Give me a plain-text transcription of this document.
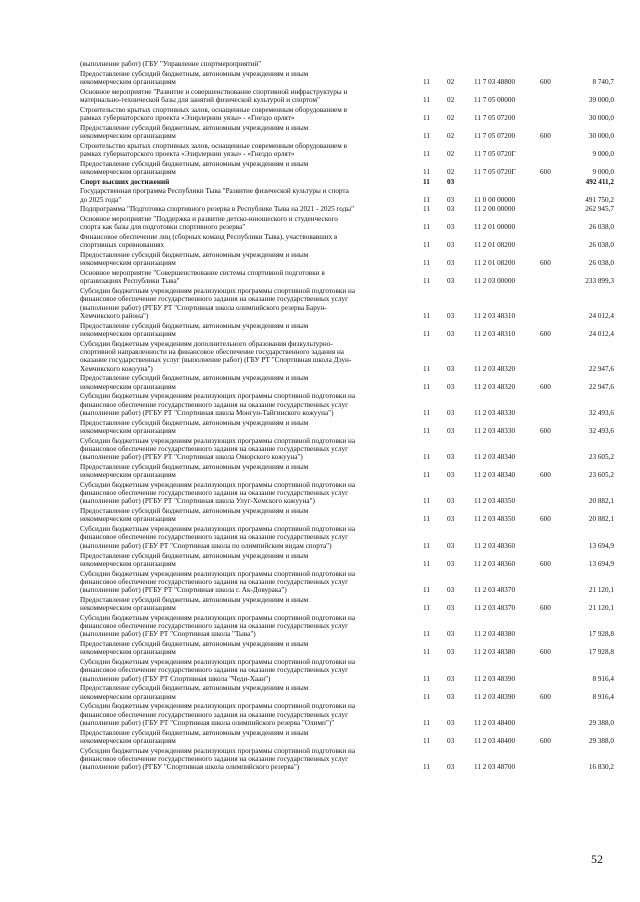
(выполнение работ) (ГБУ "Управление спортмероприятий"
Предоставление субсидий бюджетным, автономным учреждениям и иным
некоммерческим организациям	11 02	11 7 03 48800	600	8 740,7
Основное мероприятие "Развитие и совершенствование спортивной инфраструктуры и
материально-технической базы для занятий физической культурой и спортом"	11 02	11 7 05 00000	39 000,0
Строительство крытых спортивных залов, оснащенные современным оборудованием в
рамках губернаторского проекта «Эзирлернин уязы» - «Гнездо орлят»	11 02	11 7 05 07200	30 000,0
Предоставление субсидий бюджетным, автономным учреждениям и иным
некоммерческим организациям	11 02	11 7 05 07200	600	30 000,0
Строительство крытых спортивных залов, оснащенные современным оборудованием в
рамках губернаторского проекта «Эзирлернин уязы» - «Гнездо орлят»	11 02	11 7 05 0720Г	9 000,0
Предоставление субсидий бюджетным, автономным учреждениям и иным
некоммерческим организациям	11 02	11 7 05 0720Г	600	9 000,0
Спорт высших достижений	11 03	492 411,2
Государственная программа Республики Тыва "Развитие физической культуры и спорта
до 2025 года"	11 03	11 0 00 00000	491 750,2
Подпрограмма "Подготовка спортивного резерва в Республике Тыва на 2021 - 2025 годы"	11 03	11 2 00 00000	262 945,7
Основное мероприятие "Поддержка и развитие детско-юношеского и студенческого
спорта как базы для подготовки спортивного резерва"	11 03	11 2 01 00000	26 038,0
Финансовое обеспечение лиц (сборных команд Республики Тыва), участвовавших в
спортивных соревнованиях	11 03	11 2 01 08200	26 038,0
Предоставление субсидий бюджетным, автономным учреждениям и иным
некоммерческим организациям	11 03	11 2 01 08200	600	26 038,0
Основное мероприятие "Совершенствование системы спортивной подготовки в
организациях Республики Тыва"	11 03	11 2 03 00000	233 899,3
Субсидии бюджетным учреждениям реализующих программы спортивной подготовки на
финансовое обеспечение государственного задания на оказание государственных услуг
(выполнение работ) (РГБУ РТ "Спортивная школа олимпийского резерва Барун-
Хемчикского района")	11 03	11 2 03 48310	24 012,4
Предоставление субсидий бюджетным, автономным учреждениям и иным
некоммерческим организациям	11 03	11 2 03 48310	600	24 012,4
Субсидии бюджетным учреждениям дополнительного образования физкультурно-
спортивной направленности на финансовое обеспечение государственного задания на
оказание государственных услуг (выполнение работ) (ГБУ РТ "Спортивная школа Дзун-
Хемчикского кожууна")	11 03	11 2 03 48320	22 947,6
Предоставление субсидий бюджетным, автономным учреждениям и иным
некоммерческим организациям	11 03	11 2 03 48320	600	22 947,6
Субсидии бюджетным учреждениям реализующих программы спортивной подготовки на
финансовое обеспечение государственного задания на оказание государственных услуг
(выполнение работ) (РГБУ РТ "Спортивная школа Монгун-Тайгинского кожууна")	11 03	11 2 03 48330	32 493,6
Предоставление субсидий бюджетным, автономным учреждениям и иным
некоммерческим организациям	11 03	11 2 03 48330	600	32 493,6
Субсидии бюджетным учреждениям реализующих программы спортивной подготовки на
финансовое обеспечение государственного задания на оказание государственных услуг
(выполнение работ) (РГБУ РТ "Спортивная школа Овюрского кожууна")	11 03	11 2 03 48340	23 605,2
Предоставление субсидий бюджетным, автономным учреждениям и иным
некоммерческим организациям	11 03	11 2 03 48340	600	23 605,2
Субсидии бюджетным учреждениям реализующих программы спортивной подготовки на
финансовое обеспечение государственного задания на оказание государственных услуг
(выполнение работ) (РГБУ РТ "Спортивная школа Улуг-Хемского кожууна")	11 03	11 2 03 48350	20 882,1
Предоставление субсидий бюджетным, автономным учреждениям и иным
некоммерческим организациям	11 03	11 2 03 48350	600	20 882,1
Субсидии бюджетным учреждениям реализующих программы спортивной подготовки на
финансовое обеспечение государственного задания на оказание государственных услуг
(выполнение работ) (ГБУ РТ "Спортивная школа по олимпийским видам спорта")	11 03	11 2 03 48360	13 694,9
Предоставление субсидий бюджетным, автономным учреждениям и иным
некоммерческим организациям	11 03	11 2 03 48360	600	13 694,9
Субсидии бюджетным учреждениям реализующих программы спортивной подготовки на
финансовое обеспечение государственного задания на оказание государственных услуг
(выполнение работ) (РГБУ РТ "Спортивная школа г. Ак-Довурака")	11 03	11 2 03 48370	21 120,1
Предоставление субсидий бюджетным, автономным учреждениям и иным
некоммерческим организациям	11 03	11 2 03 48370	600	21 120,1
Субсидии бюджетным учреждениям реализующих программы спортивной подготовки на
финансовое обеспечение государственного задания на оказание государственных услуг
(выполнение работ) (ГБУ РТ "Спортивная школа "Тыва")	11 03	11 2 03 48380	17 928,8
Предоставление субсидий бюджетным, автономным учреждениям и иным
некоммерческим организациям	11 03	11 2 03 48380	600	17 928,8
Субсидии бюджетным учреждениям реализующих программы спортивной подготовки на
финансовое обеспечение государственного задания на оказание государственных услуг
(выполнение работ) (ГБУ РТ Спортивная школа "Чеди-Хаан")	11 03	11 2 03 48390	8 916,4
Предоставление субсидий бюджетным, автономным учреждениям и иным
некоммерческим организациям	11 03	11 2 03 48390	600	8 916,4
Субсидии бюджетным учреждениям реализующих программы спортивной подготовки на
финансовое обеспечение государственного задания на оказание государственных услуг
(выполнение работ) (ГБУ РТ "Спортивная школа олимпийского резерва "Олимп")"	11 03	11 2 03 48400	29 388,0
Предоставление субсидий бюджетным, автономным учреждениям и иным
некоммерческим организациям	11 03	11 2 03 48400	600	29 388,0
Субсидии бюджетным учреждениям реализующих программы спортивной подготовки на
финансовое обеспечение государственного задания на оказание государственных услуг
(выполнение работ) (РГБУ "Спортивная школа олимпийского резерва")	11 03	11 2 03 48700	16 830,2
52
